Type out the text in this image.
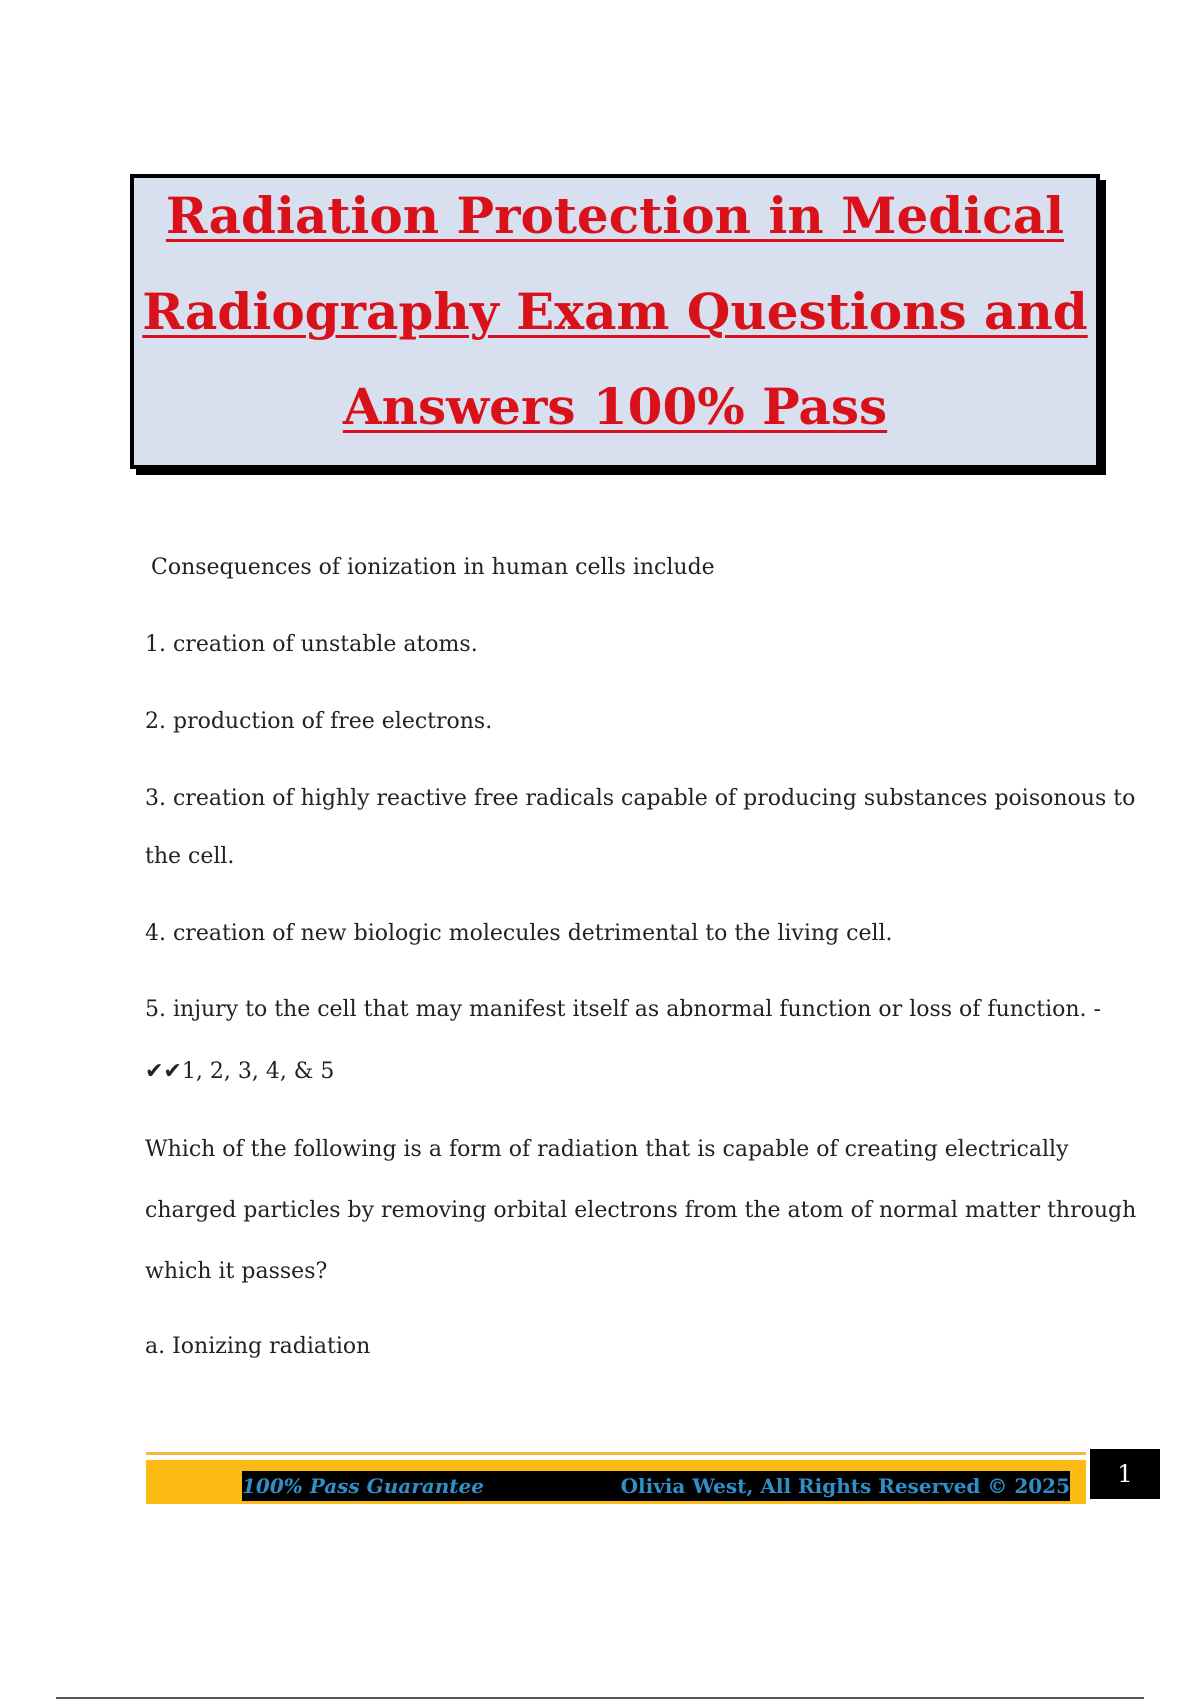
Radiation Protection in Medical
Radiography Exam Questions and
Answers 100% Pass
Consequences of ionization in human cells include
1. creation of unstable atoms.
2. production of free electrons.
3. creation of highly reactive free radicals capable of producing substances poisonous to
the cell.
4. creation of new biologic molecules detrimental to the living cell.
5. injury to the cell that may manifest itself as abnormal function or loss of function. -
✔✔1, 2, 3, 4, & 5
Which of the following is a form of radiation that is capable of creating electrically
charged particles by removing orbital electrons from the atom of normal matter through
which it passes?
a. Ionizing radiation
100% Pass Guarantee	Olivia West, All Rights Reserved © 2025	1
